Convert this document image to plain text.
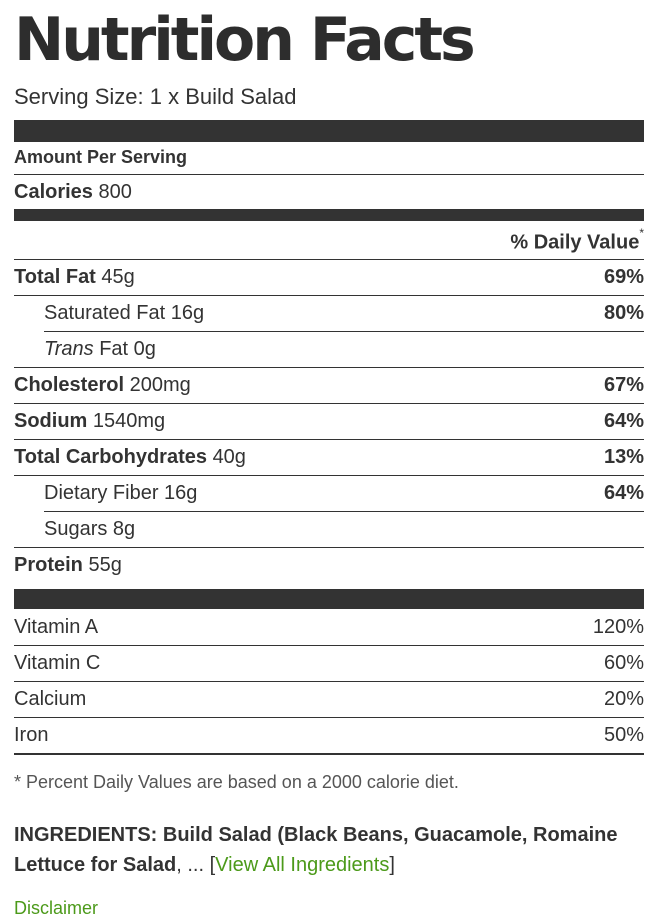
Nutrition Facts
Serving Size: 1 x Build Salad
Amount Per Serving
Calories 800
% Daily Value*
Total Fat 45g	69%
Saturated Fat 16g	80%
Trans Fat 0g
Cholesterol 200mg	67%
Sodium 1540mg	64%
Total Carbohydrates 40g	13%
Dietary Fiber 16g	64%
Sugars 8g
Protein 55g
Vitamin A	120%
Vitamin C	60%
Calcium	20%
Iron	50%
* Percent Daily Values are based on a 2000 calorie diet.
INGREDIENTS: Build Salad (Black Beans, Guacamole, Romaine Lettuce for Salad, ... [View All Ingredients]
Disclaimer
